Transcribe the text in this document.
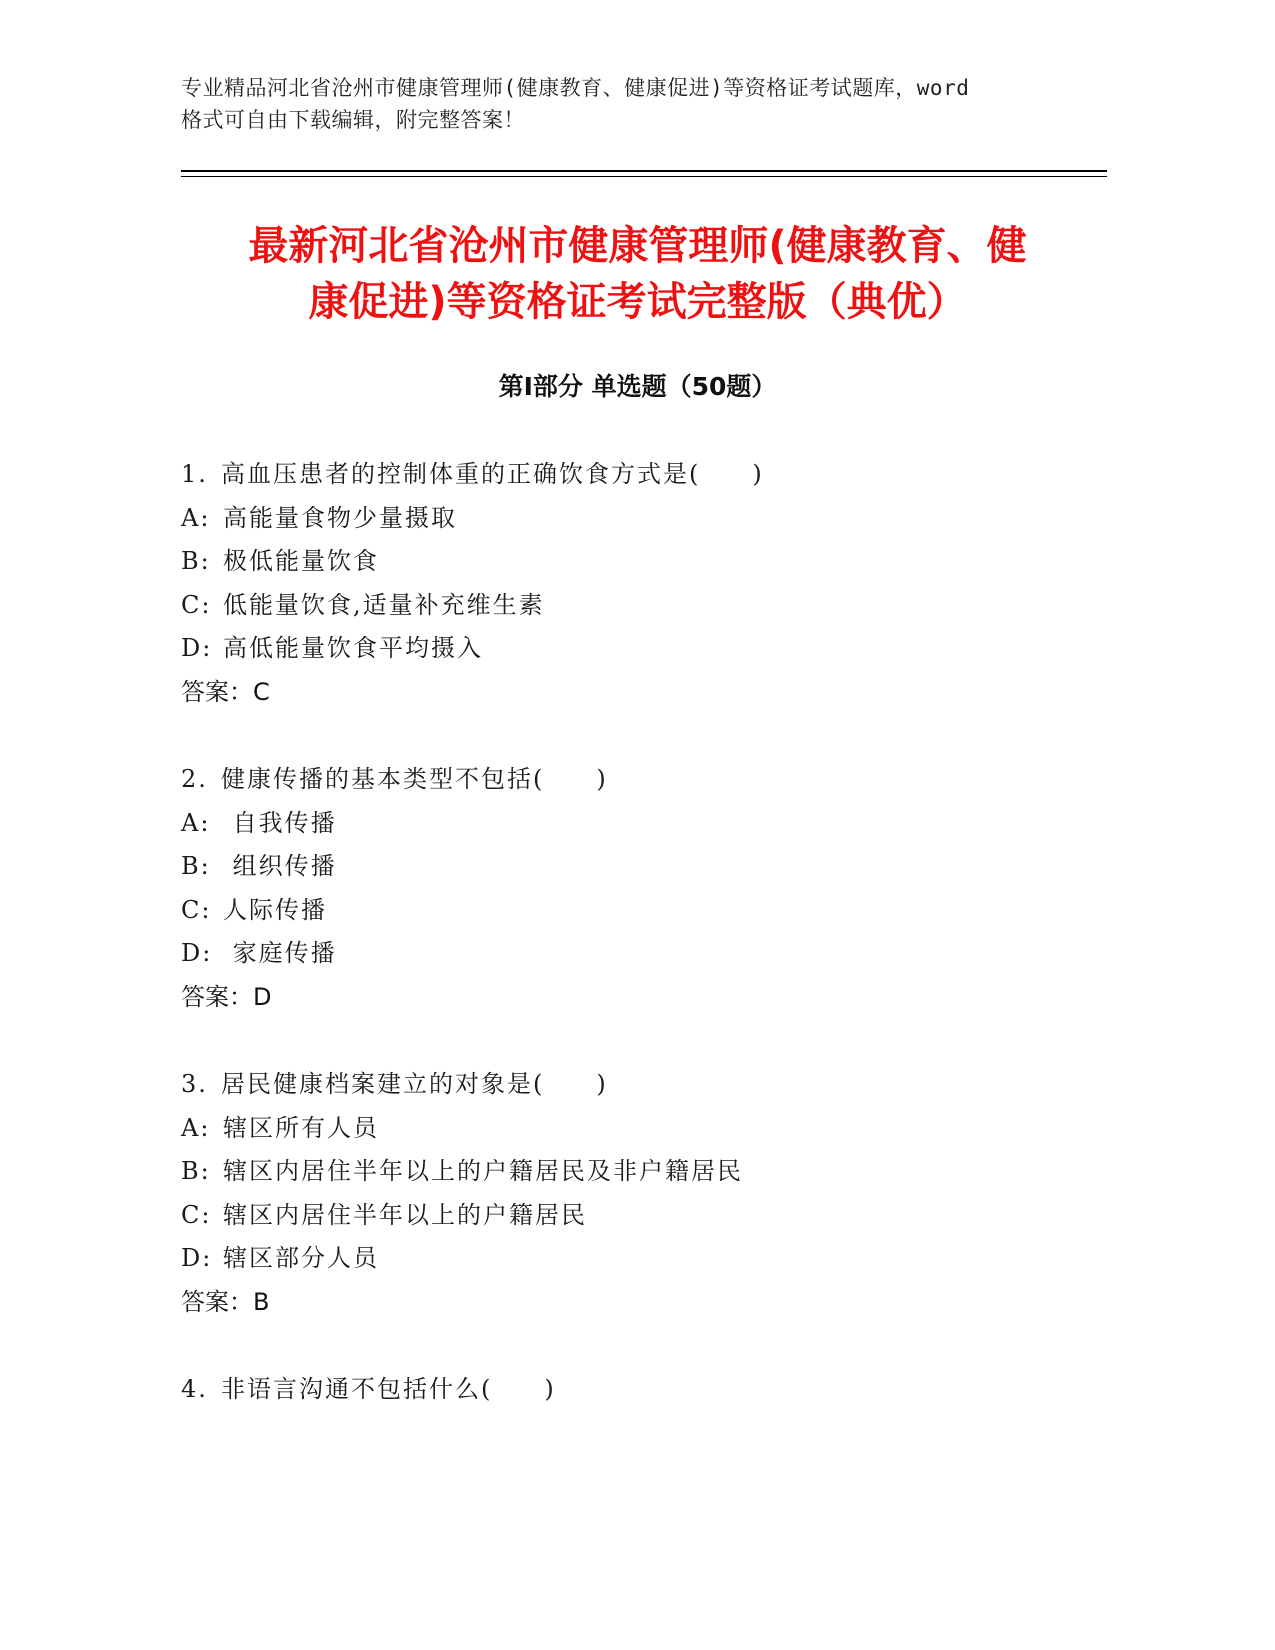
专业精品河北省沧州市健康管理师(健康教育、健康促进)等资格证考试题库，word
格式可自由下载编辑，附完整答案！
最新河北省沧州市健康管理师(健康教育、健
康促进)等资格证考试完整版（典优）
第Ⅰ部分 单选题（50题）
1. 高血压患者的控制体重的正确饮食方式是(　　)
A: 高能量食物少量摄取
B: 极低能量饮食
C: 低能量饮食,适量补充维生素
D: 高低能量饮食平均摄入
答案：C
2. 健康传播的基本类型不包括(　　)
A: 自我传播
B: 组织传播
C: 人际传播
D: 家庭传播
答案：D
3. 居民健康档案建立的对象是(　　)
A: 辖区所有人员
B: 辖区内居住半年以上的户籍居民及非户籍居民
C: 辖区内居住半年以上的户籍居民
D: 辖区部分人员
答案：B
4. 非语言沟通不包括什么(　　)
